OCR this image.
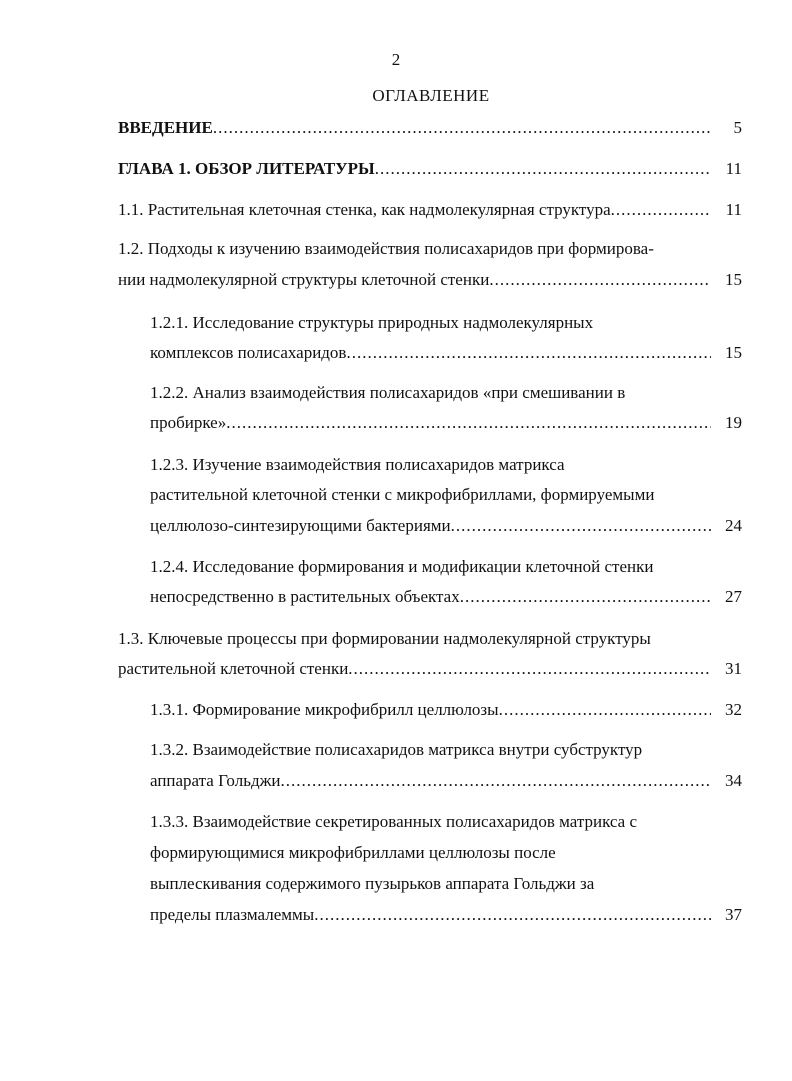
2
ОГЛАВЛЕНИЕ
ВВЕДЕНИЕ .....	5
ГЛАВА 1. ОБЗОР ЛИТЕРАТУРЫ .....	11
1.1. Растительная клеточная стенка, как надмолекулярная структура .....	11
1.2. Подходы к изучению взаимодействия полисахаридов при формирова-
нии надмолекулярной структуры клеточной стенки .....	15
1.2.1. Исследование структуры природных надмолекулярных
комплексов полисахаридов .....	15
1.2.2. Анализ взаимодействия полисахаридов «при смешивании в
пробирке» .....	19
1.2.3. Изучение взаимодействия полисахаридов матрикса
растительной клеточной стенки с микрофибриллами, формируемыми
целлюлозо-синтезирующими бактериями .....	24
1.2.4. Исследование формирования и модификации клеточной стенки
непосредственно в растительных объектах .....	27
1.3. Ключевые процессы при формировании надмолекулярной структуры
растительной клеточной стенки .....	31
1.3.1. Формирование микрофибрилл целлюлозы .....	32
1.3.2. Взаимодействие полисахаридов матрикса внутри субструктур
аппарата Гольджи .....	34
1.3.3. Взаимодействие секретированных полисахаридов матрикса с
формирующимися микрофибриллами целлюлозы после
выплескивания содержимого пузырьков аппарата Гольджи за
пределы плазмалеммы .....	37
